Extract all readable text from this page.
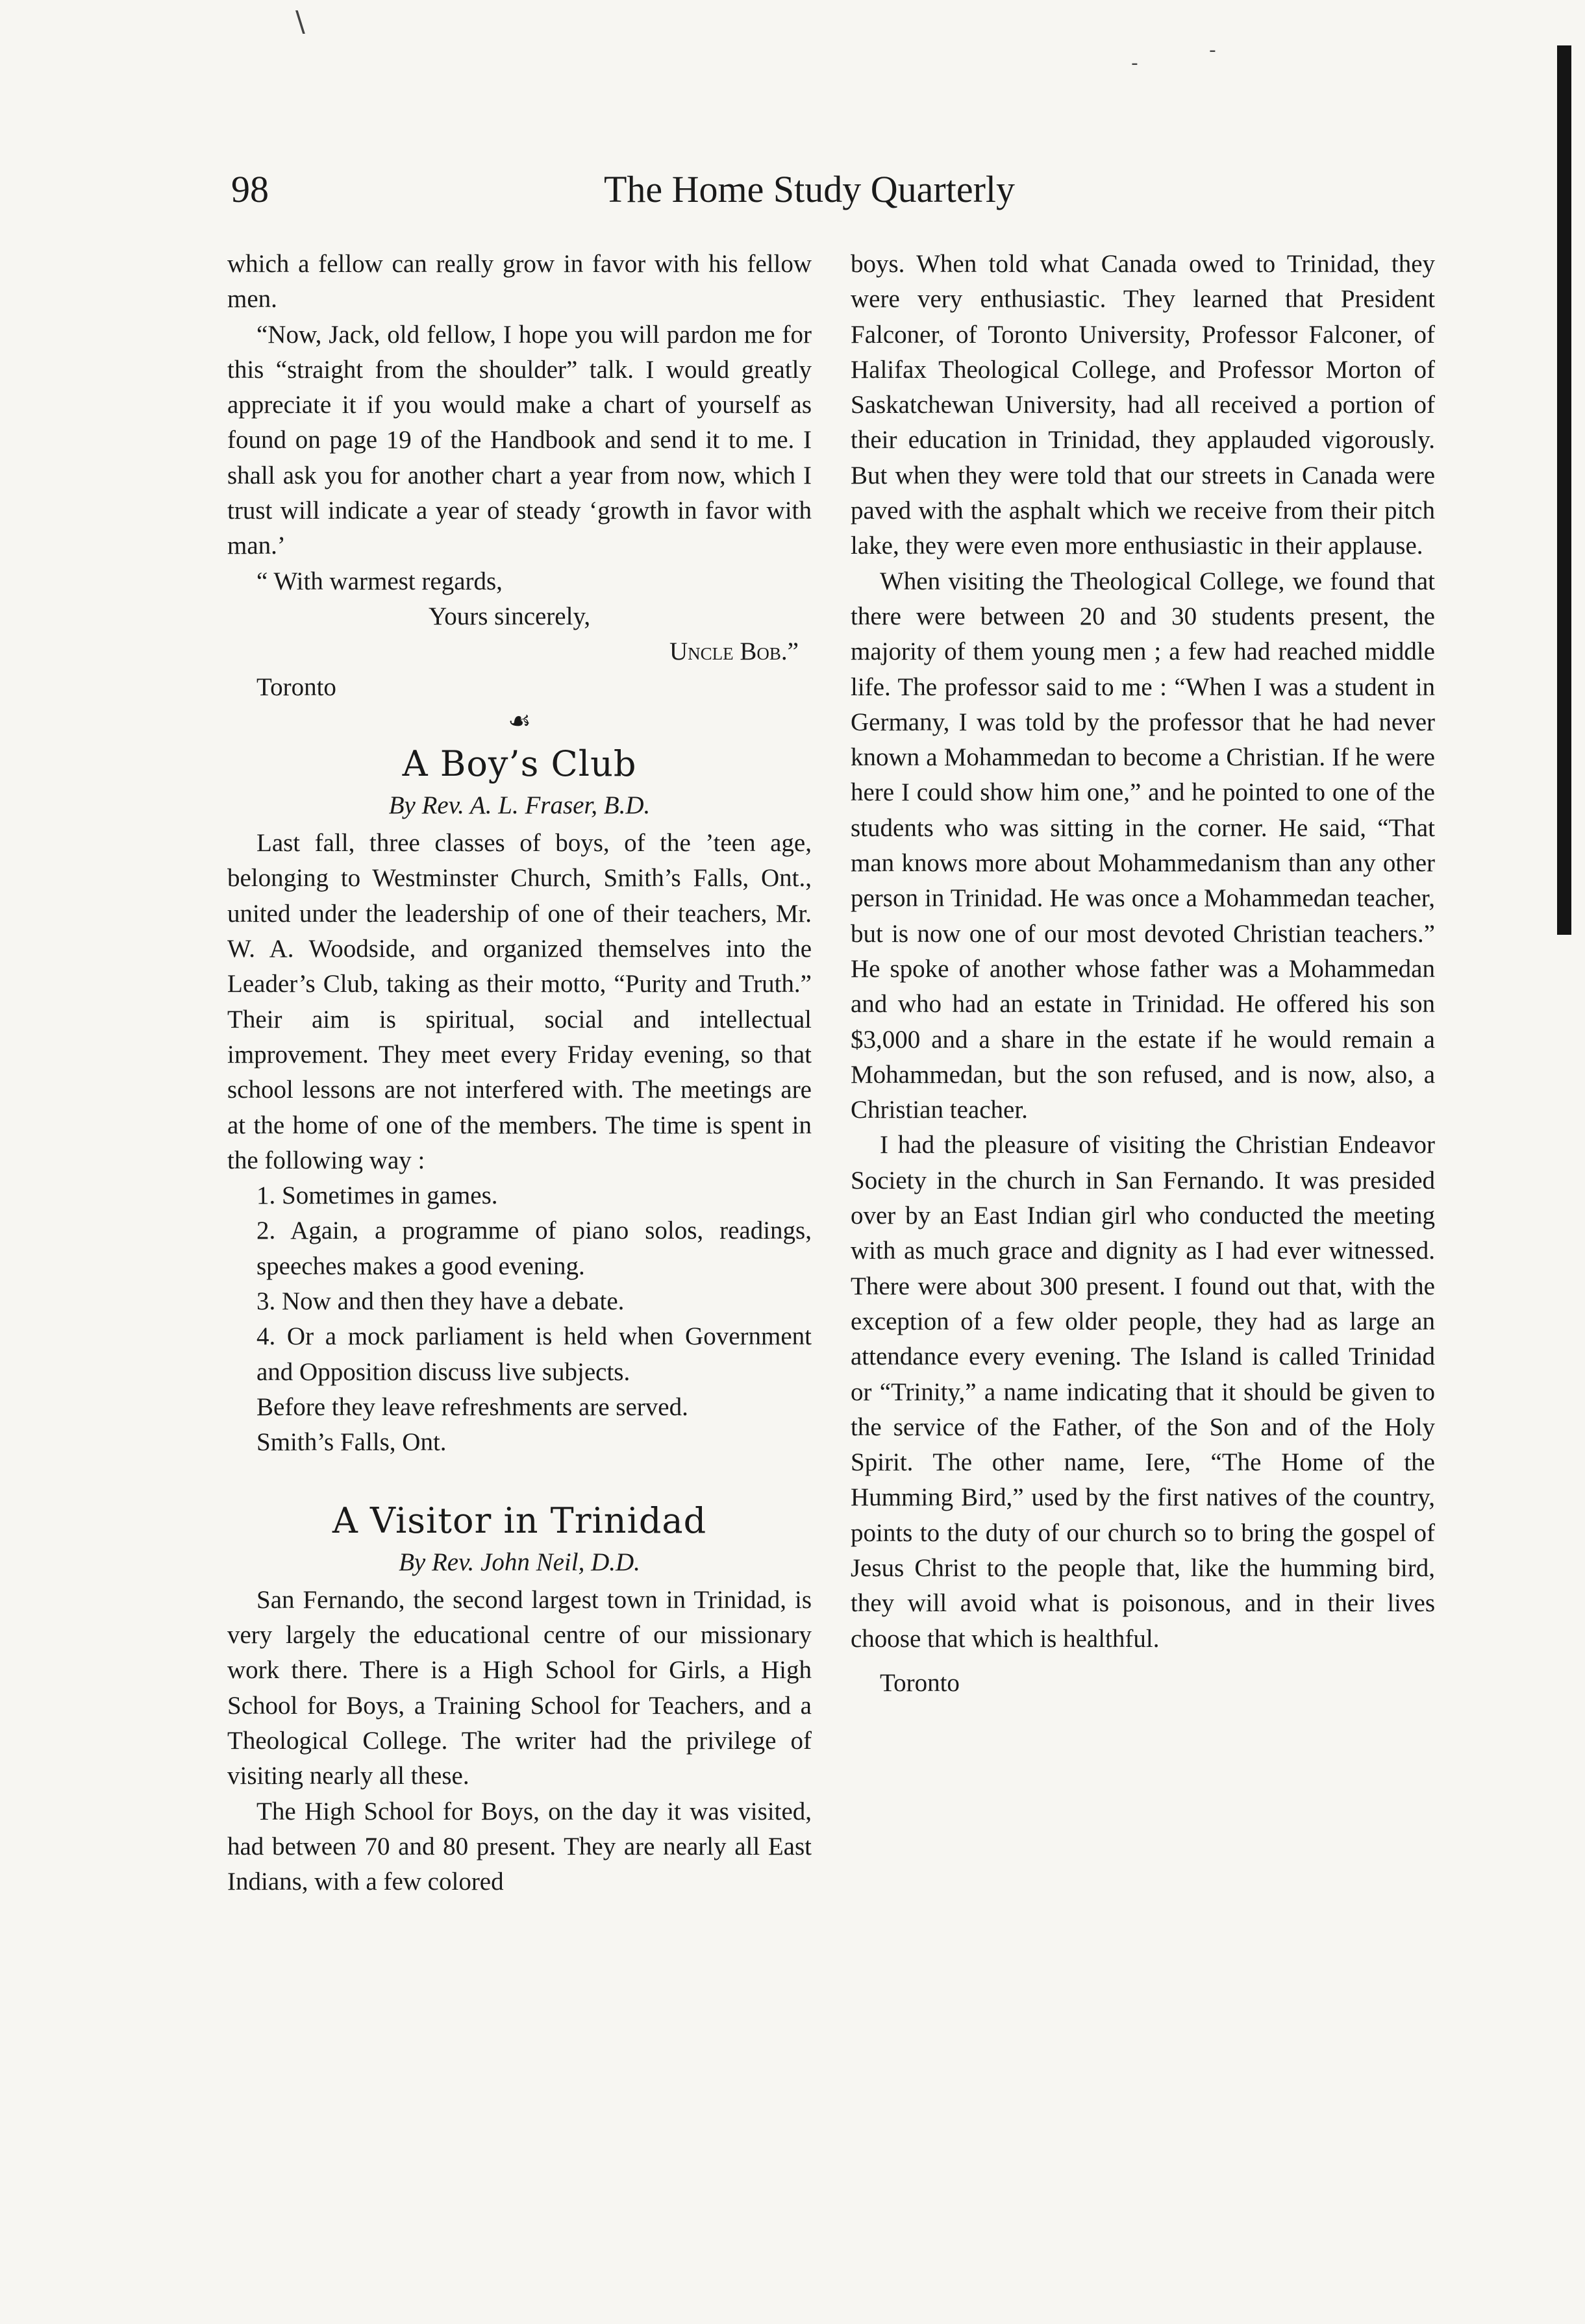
\
-
-
98	The Home Study Quarterly

which a fellow can really grow in favor with his fellow men.

“Now, Jack, old fellow, I hope you will pardon me for this “straight from the shoulder” talk. I would greatly appreciate it if you would make a chart of yourself as found on page 19 of the Handbook and send it to me. I shall ask you for another chart a year from now, which I trust will indicate a year of steady ‘growth in favor with man.’

“ With warmest regards,

Yours sincerely,

Uncle Bob.”

Toronto

☙
A Boy’s Club
By Rev. A. L. Fraser, B.D.

Last fall, three classes of boys, of the ’teen age, belonging to Westminster Church, Smith’s Falls, Ont., united under the leadership of one of their teachers, Mr. W. A. Woodside, and organized themselves into the Leader’s Club, taking as their motto, “Purity and Truth.” Their aim is spiritual, social and intellectual improvement. They meet every Friday evening, so that school lessons are not interfered with. The meetings are at the home of one of the members. The time is spent in the following way :

1. Sometimes in games.

2. Again, a programme of piano solos, readings, speeches makes a good evening.

3. Now and then they have a debate.

4. Or a mock parliament is held when Government and Opposition discuss live subjects.

Before they leave refreshments are served.

Smith’s Falls, Ont.

A Visitor in Trinidad
By Rev. John Neil, D.D.

San Fernando, the second largest town in Trinidad, is very largely the educational centre of our missionary work there. There is a High School for Girls, a High School for Boys, a Training School for Teachers, and a Theological College. The writer had the privilege of visiting nearly all these.

The High School for Boys, on the day it was visited, had between 70 and 80 present. They are nearly all East Indians, with a few colored

boys. When told what Canada owed to Trinidad, they were very enthusiastic. They learned that President Falconer, of Toronto University, Professor Falconer, of Halifax Theological College, and Professor Morton of Saskatchewan University, had all received a portion of their education in Trinidad, they applauded vigorously. But when they were told that our streets in Canada were paved with the asphalt which we receive from their pitch lake, they were even more enthusiastic in their applause.

When visiting the Theological College, we found that there were between 20 and 30 students present, the majority of them young men ; a few had reached middle life. The professor said to me : “When I was a student in Germany, I was told by the professor that he had never known a Mohammedan to become a Christian. If he were here I could show him one,” and he pointed to one of the students who was sitting in the corner. He said, “That man knows more about Mohammedanism than any other person in Trinidad. He was once a Mohammedan teacher, but is now one of our most devoted Christian teachers.” He spoke of another whose father was a Mohammedan and who had an estate in Trinidad. He offered his son $3,000 and a share in the estate if he would remain a Mohammedan, but the son refused, and is now, also, a Christian teacher.

I had the pleasure of visiting the Christian Endeavor Society in the church in San Fernando. It was presided over by an East Indian girl who conducted the meeting with as much grace and dignity as I had ever witnessed. There were about 300 present. I found out that, with the exception of a few older people, they had as large an attendance every evening. The Island is called Trinidad or “Trinity,” a name indicating that it should be given to the service of the Father, of the Son and of the Holy Spirit. The other name, Iere, “The Home of the Humming Bird,” used by the first natives of the country, points to the duty of our church so to bring the gospel of Jesus Christ to the people that, like the humming bird, they will avoid what is poisonous, and in their lives choose that which is healthful.

Toronto
